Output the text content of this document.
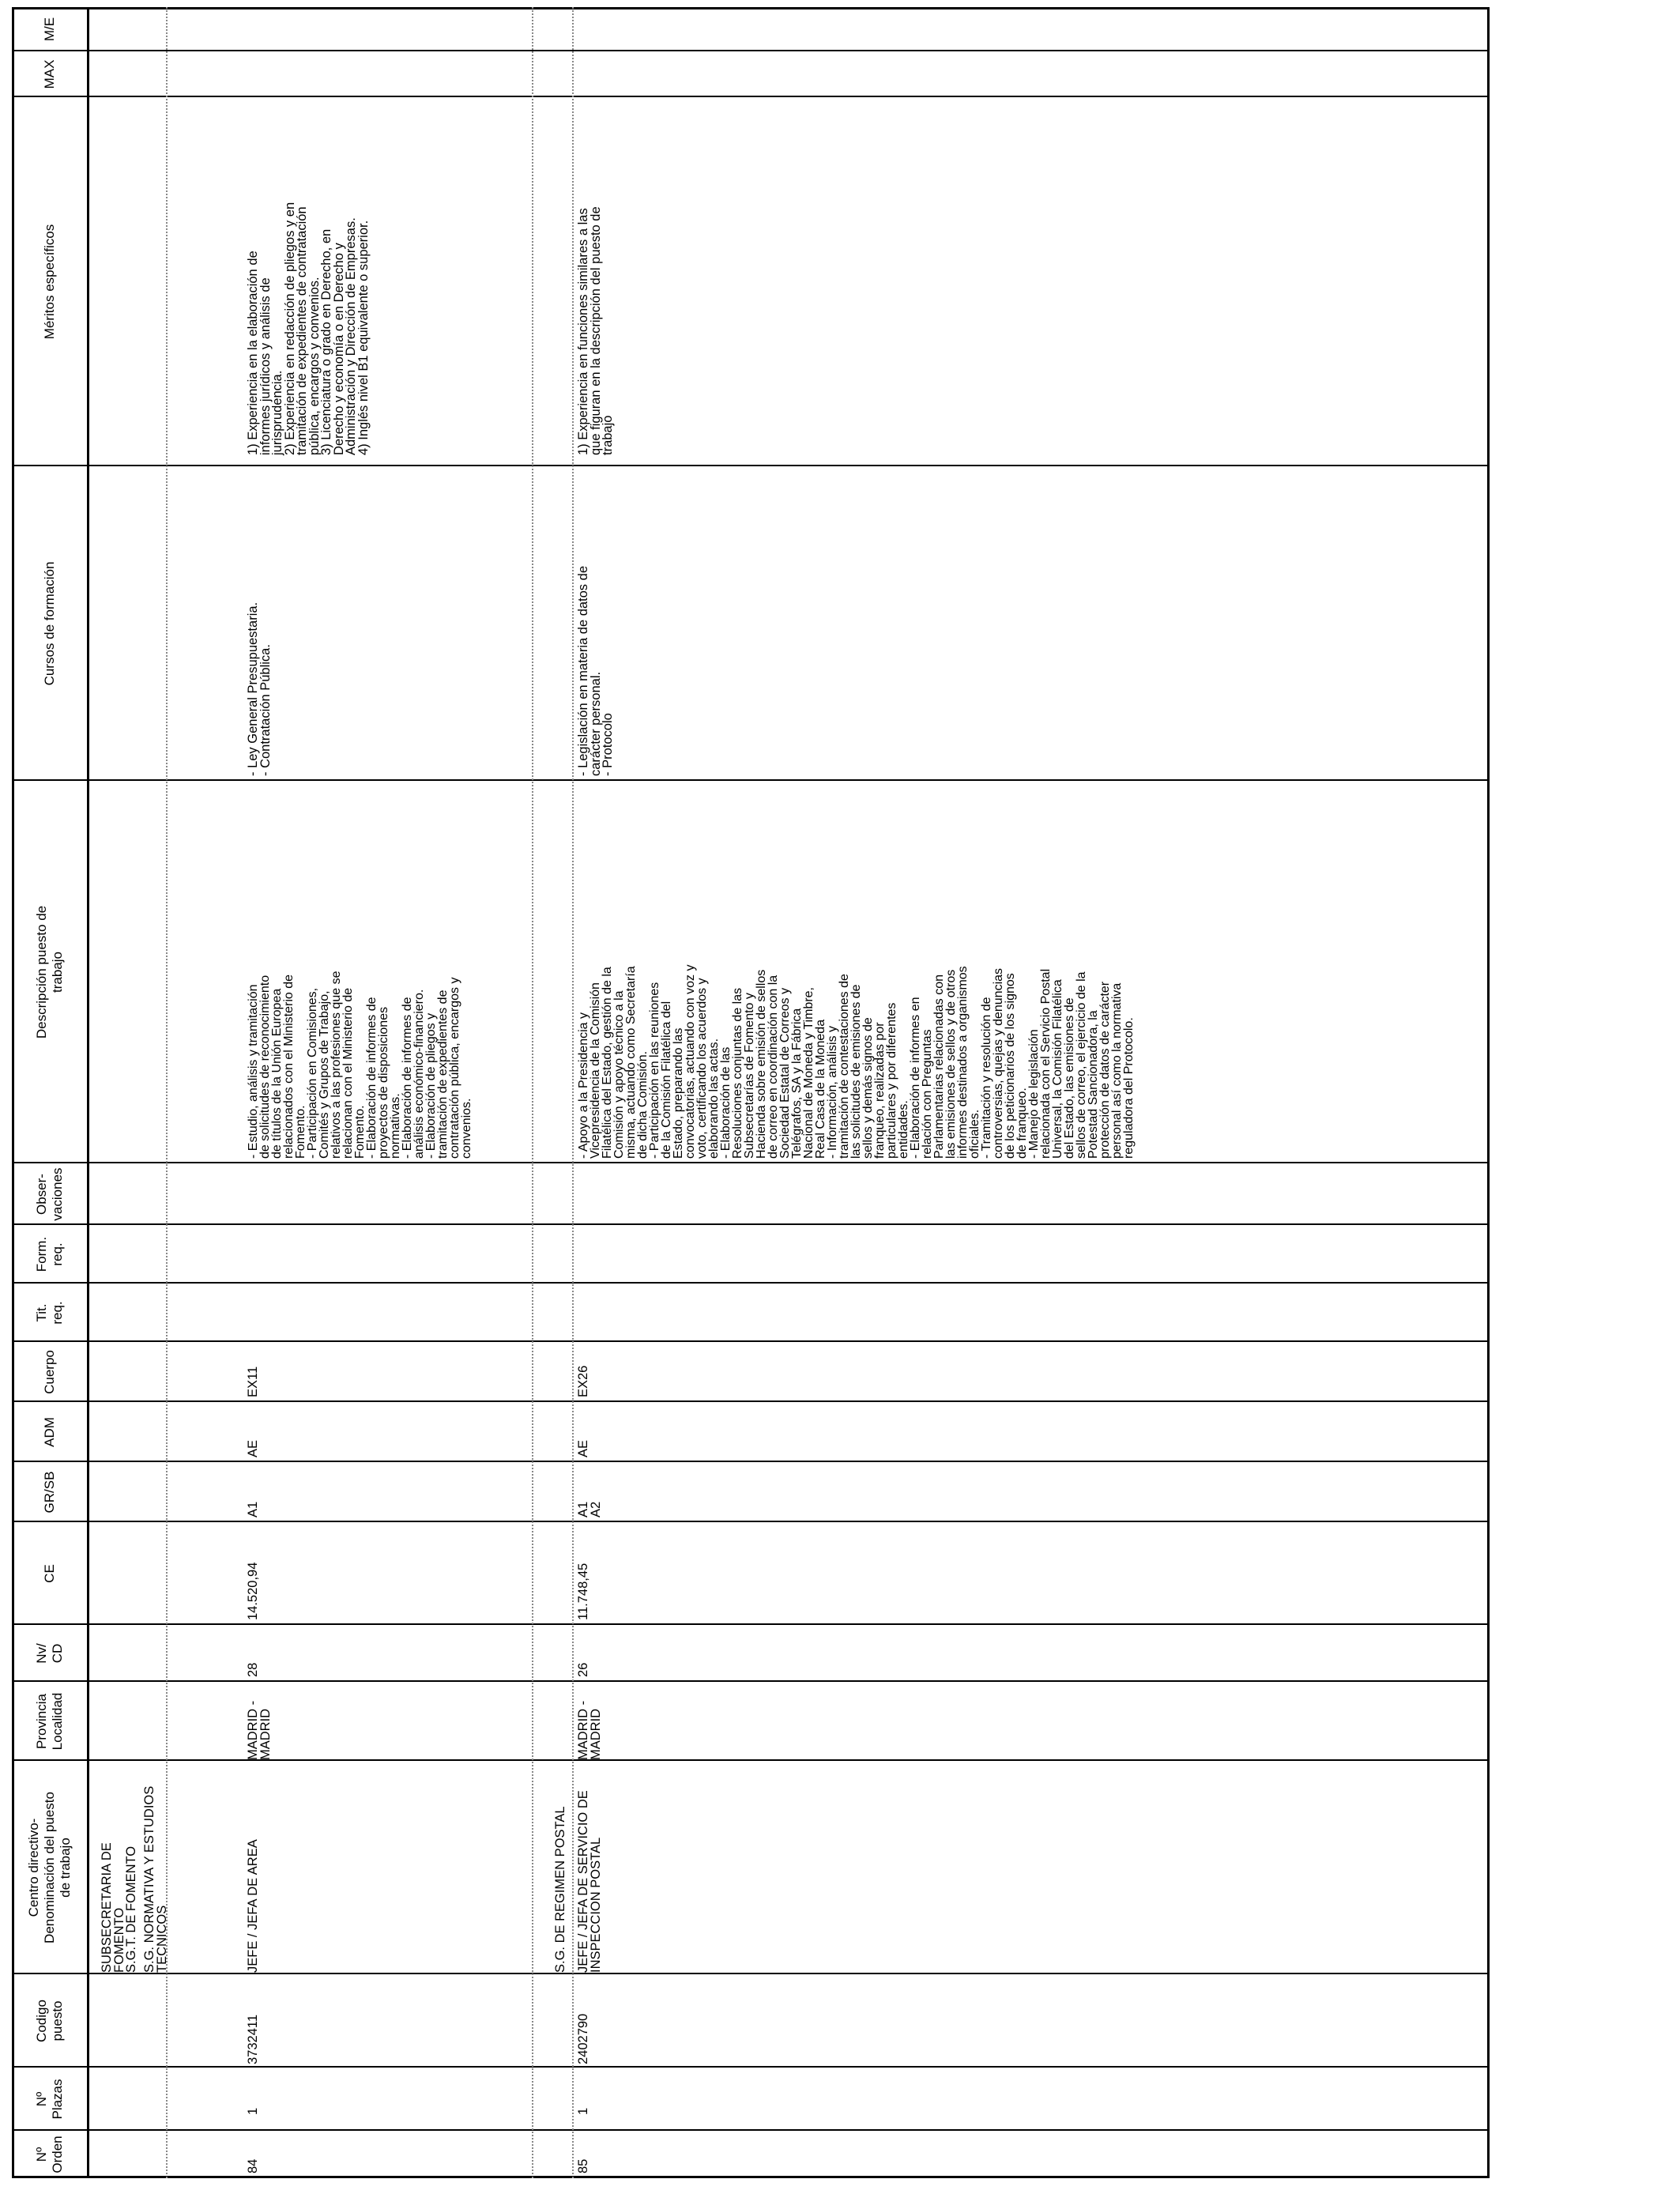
Nº
Orden
Nº
Plazas
Codigo
puesto
Centro directivo-
Denominación del puesto
de trabajo
Provincia
Localidad
Nv/
CD
CE
GR/SB
ADM
Cuerpo
Tit.
req.
Form.
req.
Obser-
vaciones
Descripción puesto de
trabajo
Cursos de formación
Méritos específicos
MAX
M/E
SUBSECRETARIA DE
FOMENTO
S.G.T. DE FOMENTO
S.G. NORMATIVA Y ESTUDIOS
TECNICOS
84
1
3732411
JEFE / JEFA DE AREA
MADRID -
MADRID
28
14.520,94
A1
AE
EX11
- Estudio, análisis y tramitación
de solicitudes de reconocimiento
de títulos de la Unión Europea
relacionados con el Ministerio de
Fomento.
- Participación en Comisiones,
Comités y Grupos de Trabajo,
relativos a las profesiones que se
relacionan con el Ministerio de
Fomento.
- Elaboración de informes de
proyectos de disposiciones
normativas.
- Elaboración de informes de
análisis económico-financiero.
- Elaboración de pliegos y
tramitación de expedientes de
contratación pública, encargos y
convenios.
- Ley General Presupuestaria.
- Contratación Pública.
1) Experiencia en la elaboración de
informes jurídicos y análisis de
jurisprudencia.
2) Experiencia en redacción de pliegos y en
tramitación de expedientes de contratación
pública, encargos y convenios.
3) Licenciatura o grado en Derecho, en
Derecho y economía o en Derecho y
Administración y Dirección de Empresas.
4) Inglés nivel B1 equivalente o superior.
S.G. DE REGIMEN POSTAL
85
1
2402790
JEFE / JEFA DE SERVICIO DE
INSPECCION POSTAL
MADRID -
MADRID
26
11.748,45
A1
A2
AE
EX26
- Apoyo a la Presidencia y
Vicepresidencia de la Comisión
Filatélica del Estado, gestión de la
Comisión y apoyo técnico a la
misma, actuando como Secretaría
de dicha Comisión.
- Participación en las reuniones
de la Comisión Filatélica del
Estado, preparando las
convocatorias, actuando con voz y
voto, certificando los acuerdos y
elaborando las actas.
- Elaboración de las
Resoluciones conjuntas de las
Subsecretarías de Fomento y
Hacienda sobre emisión de sellos
de correo en coordinación con la
Sociedad Estatal de Correos y
Telégrafos, SA y la Fábrica
Nacional de Moneda y Timbre,
Real Casa de la Moneda
- Información, análisis y
tramitación de contestaciones de
las solicitudes de emisiones de
sellos y demás signos de
franqueo, realizadas por
particulares y por diferentes
entidades.
- Elaboración de informes en
relación con Preguntas
Parlamentarias relacionadas con
las emisiones de sellos y de otros
informes destinados a organismos
oficiales.
- Tramitación y resolución de
controversias, quejas y denuncias
de los peticionarios de los signos
de franqueo.
- Manejo de legislación
relacionada con el Servicio Postal
Universal, la Comisión Filatélica
del Estado, las emisiones de
sellos de correo, el ejercicio de la
Potestad Sancionadora, la
protección de datos de carácter
personal así como la normativa
reguladora del Protocolo.
- Legislación en materia de datos de
carácter personal.
- Protocolo
1) Experiencia en funciones similares a las
que figuran en la descripción del puesto de
trabajo
